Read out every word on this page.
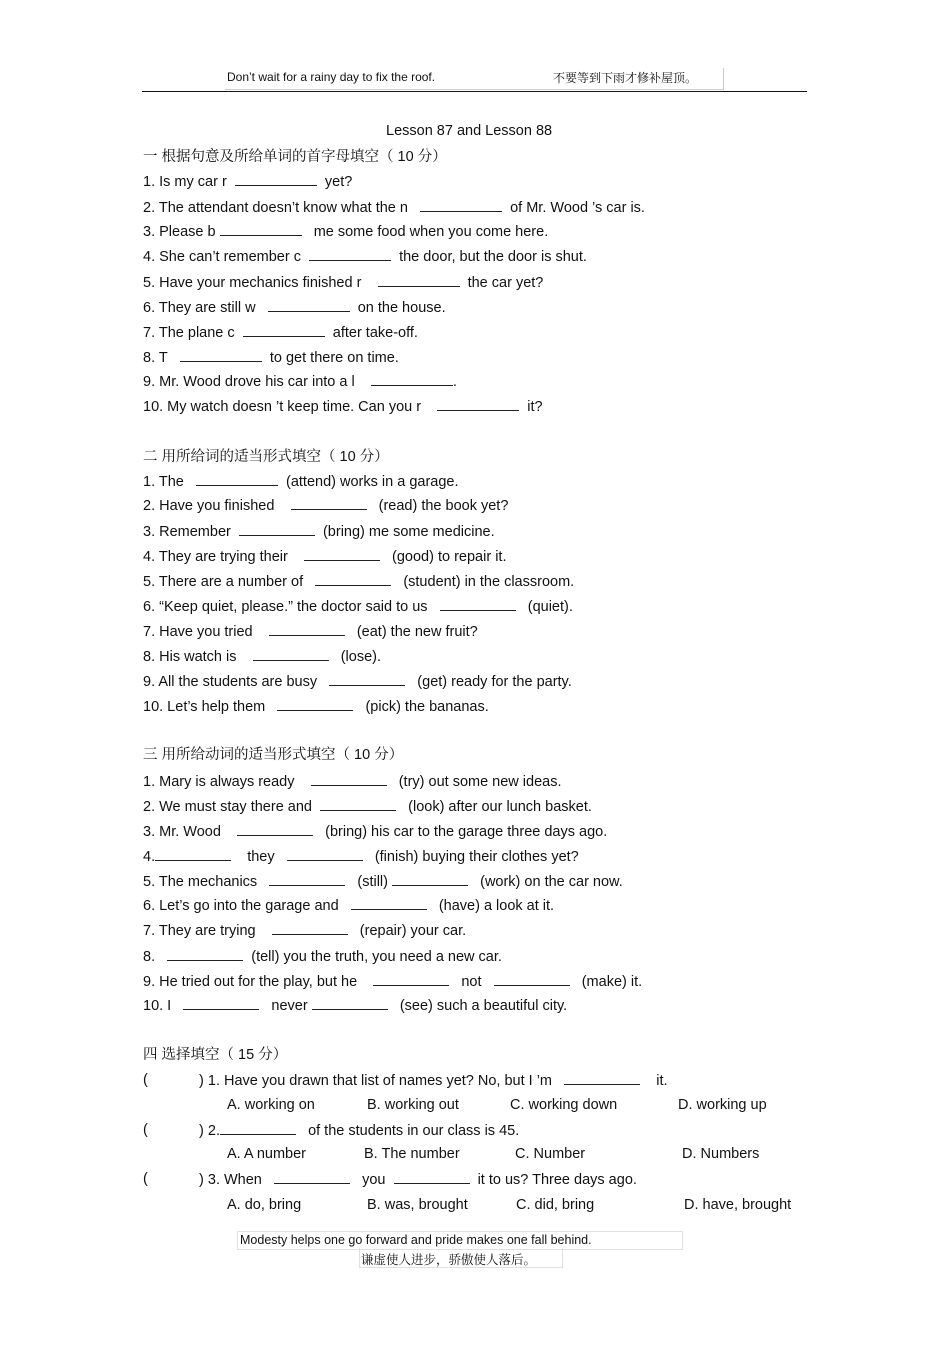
Don’t wait for a rainy day to fix the roof.	不要等到下雨才修补屋顶。
Lesson 87 and Lesson 88
一 根据句意及所给单词的首字母填空（ 10 分）
1. Is my car r	yet?
2. The attendant doesn’t know what the n	of Mr. Wood ’s car is.
3. Please b	me some food when you come here.
4. She can’t remember c	the door, but the door is shut.
5. Have your mechanics finished r	the car yet?
6. They are still w	on the house.
7. The plane c	after take-off.
8. T	to get there on time.
9. Mr. Wood drove his car into a l	.
10. My watch doesn ’t keep time. Can you r	it?
二 用所给词的适当形式填空（ 10 分）
1. The	(attend) works in a garage.
2. Have you finished	(read) the book yet?
3. Remember	(bring) me some medicine.
4. They are trying their	(good) to repair it.
5. There are a number of	(student) in the classroom.
6. “Keep quiet, please.” the doctor said to us	(quiet).
7. Have you tried	(eat) the new fruit?
8. His watch is	(lose).
9. All the students are busy	(get) ready for the party.
10. Let’s help them	(pick) the bananas.
三 用所给动词的适当形式填空（ 10 分）
1. Mary is always ready	(try) out some new ideas.
2. We must stay there and	(look) after our lunch basket.
3. Mr. Wood	(bring) his car to the garage three days ago.
4.	they	(finish) buying their clothes yet?
5. The mechanics	(still)	(work) on the car now.
6. Let’s go into the garage and	(have) a look at it.
7. They are trying	(repair) your car.
8.	(tell) you the truth, you need a new car.
9. He tried out for the play, but he	not	(make) it.
10. I	never	(see) such a beautiful city.
四 选择填空（ 15 分）
(	) 1. Have you drawn that list of names yet? No, but I ’m	it.
A. working on	B. working out	C. working down	D. working up
(	) 2.	of the students in our class is 45.
A. A number	B. The number	C. Number	D. Numbers
(	) 3. When	you	it to us? Three days ago.
A. do, bring	B. was, brought	C. did, bring	D. have, brought
Modesty helps one go forward and pride makes one fall behind.
谦虚使人进步，骄傲使人落后。
